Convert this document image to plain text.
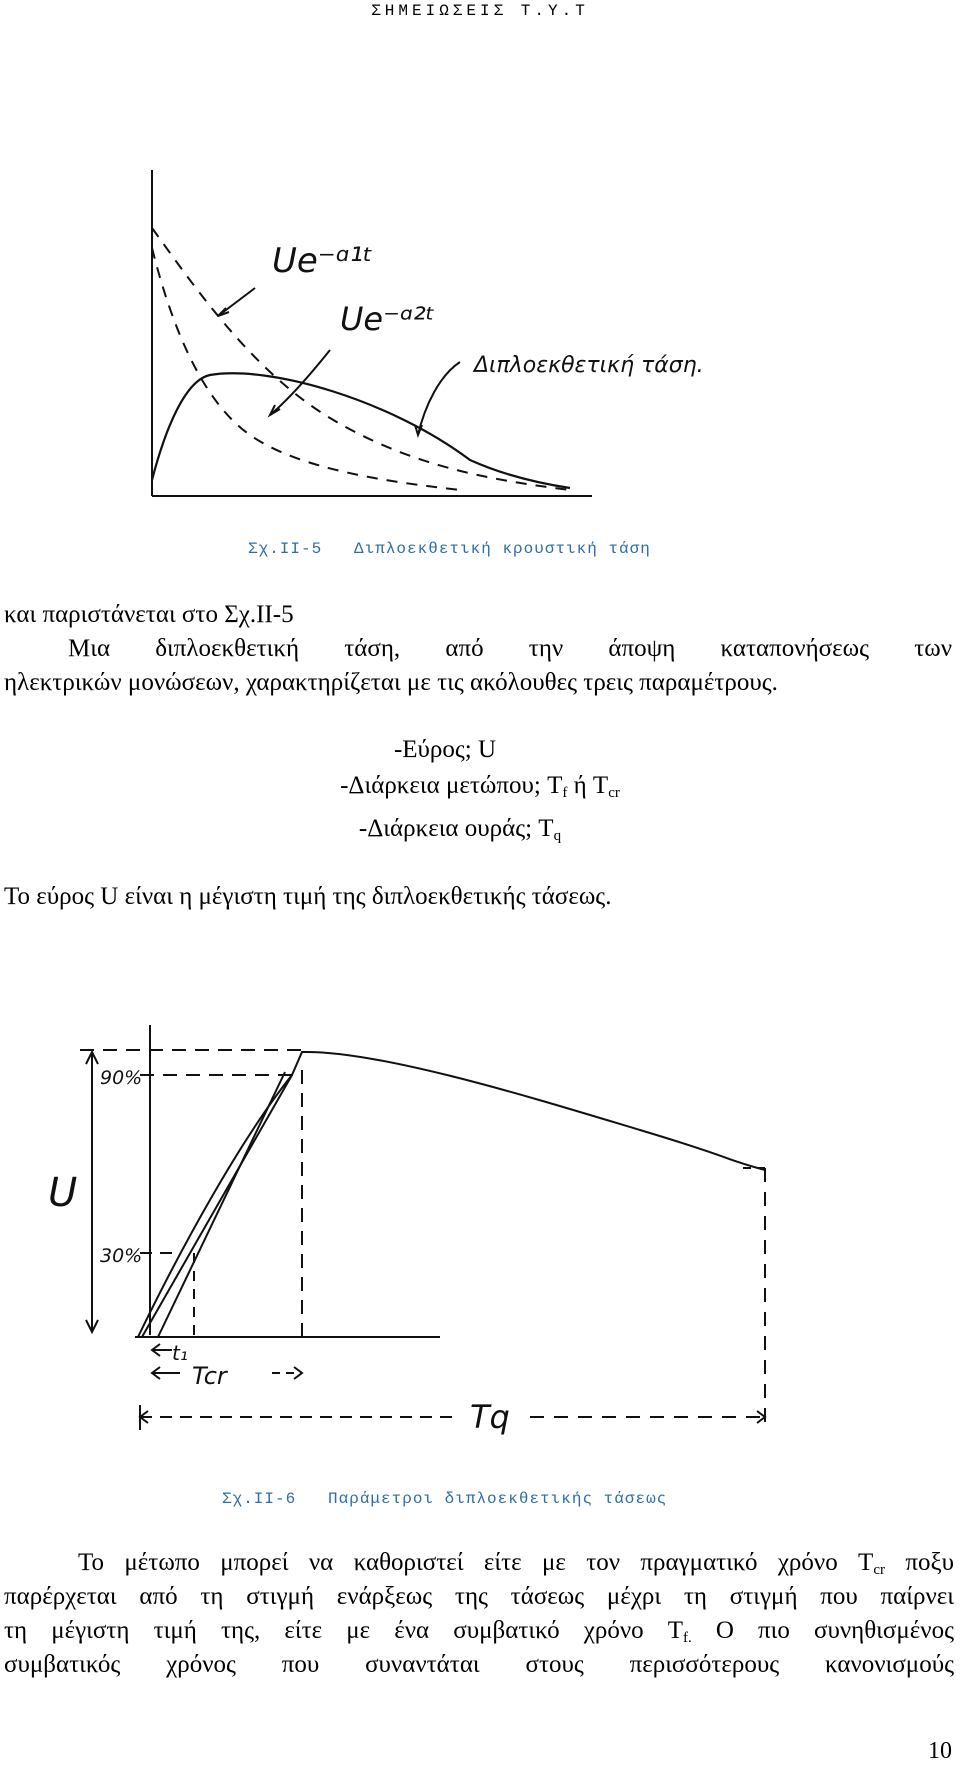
ΣΗΜΕΙΩΣΕΙΣ Τ.Υ.Τ
Ue⁻ᵅ¹ᵗ
Ue⁻ᵅ²ᵗ
Διπλοεκθετική τάση.
Σχ.ΙΙ-5   Διπλοεκθετική κρουστική τάση
και παριστάνεται στο Σχ.ΙΙ-5
Μια διπλοεκθετική τάση, από την άποψη καταπονήσεως των
ηλεκτρικών μονώσεων, χαρακτηρίζεται με τις ακόλουθες τρεις παραμέτρους.
-Εύρος; U
-Διάρκεια μετώπου; $T_f$ ή $T_{cr}$
-Διάρκεια ουράς; $T_q$
Το εύρος U είναι η μέγιστη τιμή της διπλοεκθετικής τάσεως.
90%
30%
U
t₁
Tcr
Tq
Σχ.ΙΙ-6   Παράμετροι διπλοεκθετικής τάσεως
Το μέτωπο μπορεί να καθοριστεί είτε με τον πραγματικό χρόνο $T_{cr}$ ποξυ
παρέρχεται από τη στιγμή ενάρξεως της τάσεως μέχρι τη στιγμή που παίρνει
τη μέγιστη τιμή της, είτε με ένα συμβατικό χρόνο $T_{f.}$ Ο πιο συνηθισμένος
συμβατικός χρόνος που συναντάται στους περισσότερους κανονισμούς
10
